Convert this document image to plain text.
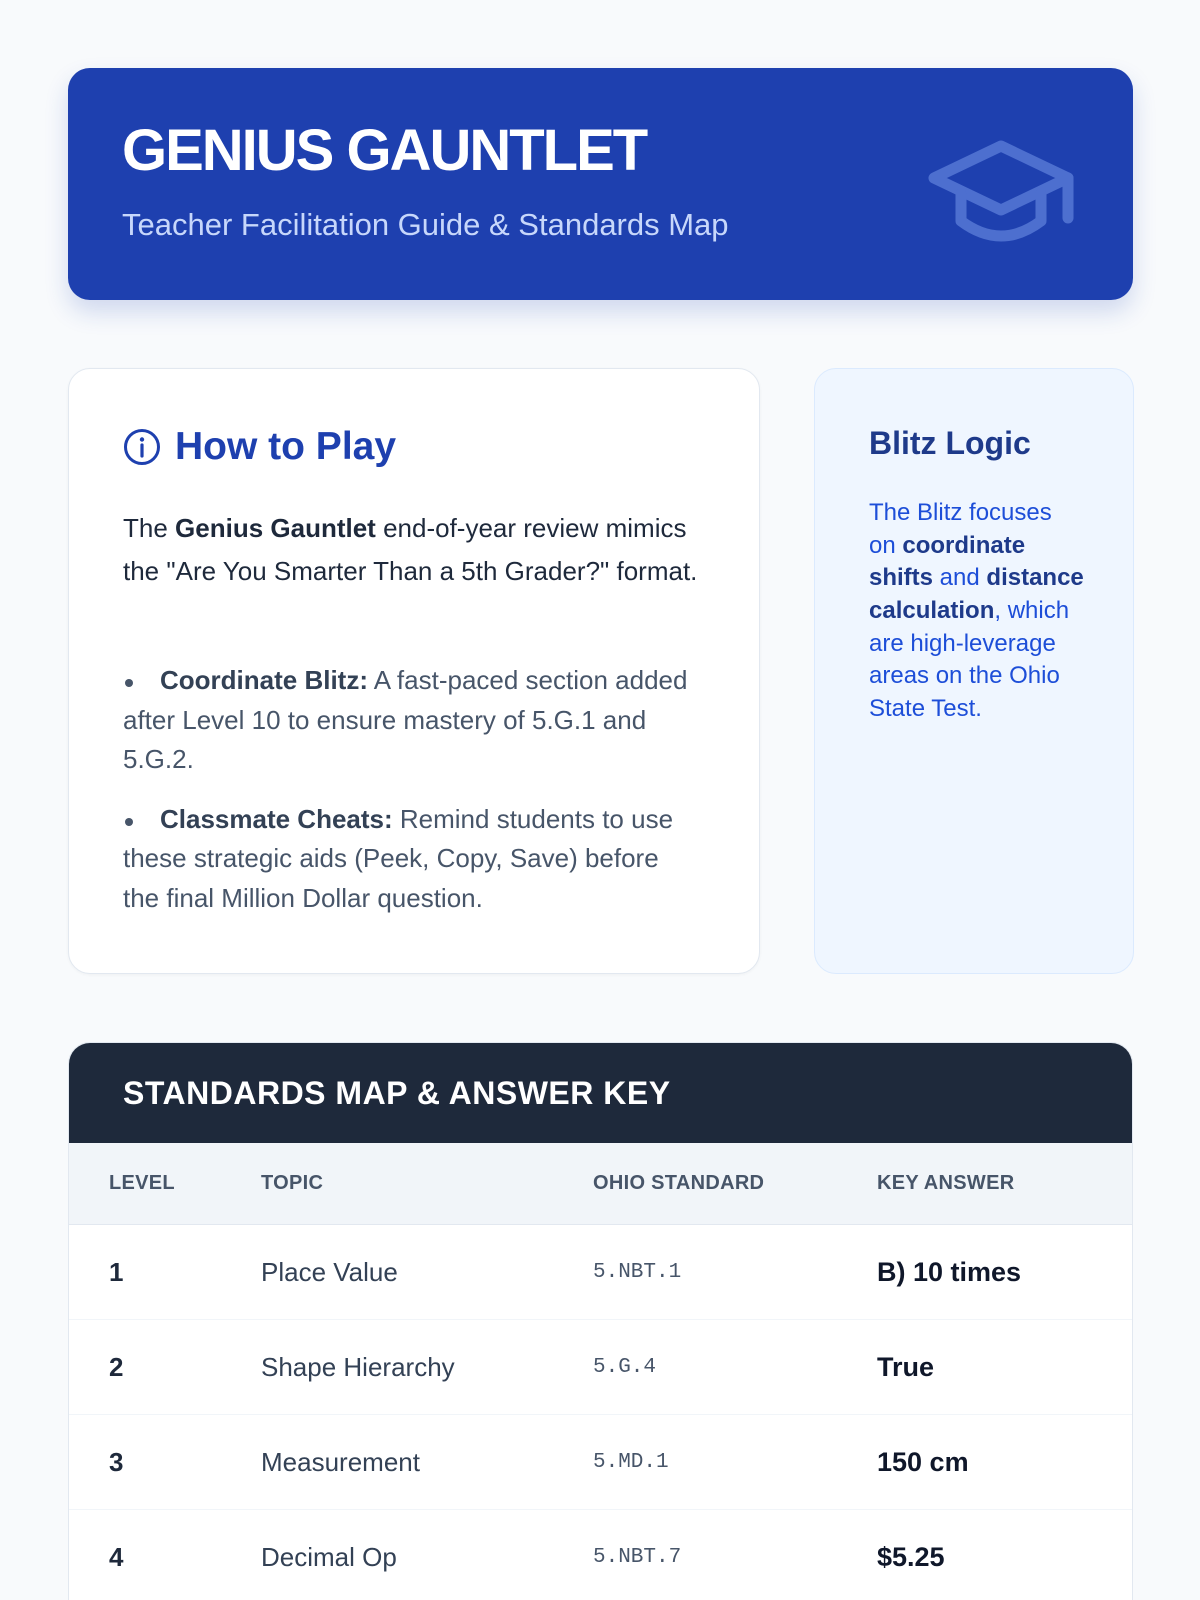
GENIUS GAUNTLET
Teacher Facilitation Guide & Standards Map
How to Play

The Genius Gauntlet end-of-year review mimics the "Are You Smarter Than a 5th Grader?" format.

Coordinate Blitz: A fast-paced section added after Level 10 to ensure mastery of 5.G.1 and 5.G.2.
Classmate Cheats: Remind students to use these strategic aids (Peek, Copy, Save) before the final Million Dollar question.
Blitz Logic

The Blitz focuses on coordinate shifts and distance calculation, which are high-leverage areas on the Ohio State Test.

STANDARDS MAP & ANSWER KEY
LEVEL	TOPIC	OHIO STANDARD	KEY ANSWER
1	Place Value	5.NBT.1	B) 10 times
2	Shape Hierarchy	5.G.4	True
3	Measurement	5.MD.1	150 cm
4	Decimal Op	5.NBT.7	$5.25
